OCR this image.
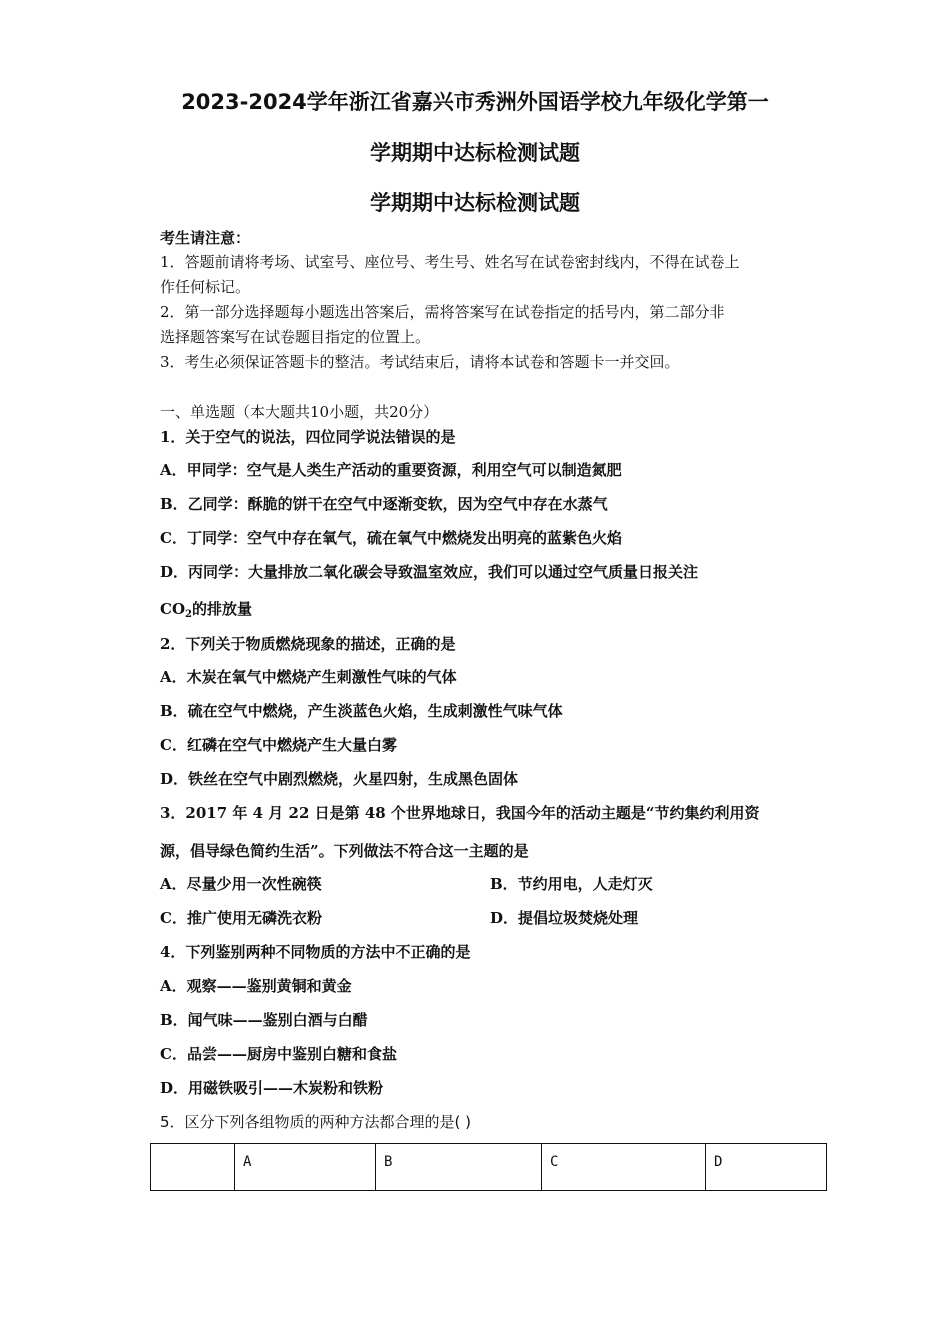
2023-2024学年浙江省嘉兴市秀洲外国语学校九年级化学第一
学期期中达标检测试题
学期期中达标检测试题
考生请注意：
1．答题前请将考场、试室号、座位号、考生号、姓名写在试卷密封线内，不得在试卷上
作任何标记。
2．第一部分选择题每小题选出答案后，需将答案写在试卷指定的括号内，第二部分非
选择题答案写在试卷题目指定的位置上。
3．考生必须保证答题卡的整洁。考试结束后，请将本试卷和答题卡一并交回。
一、单选题（本大题共10小题，共20分）
1．关于空气的说法，四位同学说法错误的是
A．甲同学：空气是人类生产活动的重要资源，利用空气可以制造氮肥
B．乙同学：酥脆的饼干在空气中逐渐变软，因为空气中存在水蒸气
C．丁同学：空气中存在氧气，硫在氧气中燃烧发出明亮的蓝紫色火焰
D．丙同学：大量排放二氧化碳会导致温室效应，我们可以通过空气质量日报关注
$CO_2$的排放量
2．下列关于物质燃烧现象的描述，正确的是
A．木炭在氧气中燃烧产生刺激性气味的气体
B．硫在空气中燃烧，产生淡蓝色火焰，生成刺激性气味气体
C．红磷在空气中燃烧产生大量白雾
D．铁丝在空气中剧烈燃烧，火星四射，生成黑色固体
3．2017 年 4 月 22 日是第 48 个世界地球日，我国今年的活动主题是“节约集约利用资
源，倡导绿色简约生活”。下列做法不符合这一主题的是
A．尽量少用一次性碗筷	B．节约用电，人走灯灭
C．推广使用无磷洗衣粉	D．提倡垃圾焚烧处理
4．下列鉴别两种不同物质的方法中不正确的是
A．观察——鉴别黄铜和黄金
B．闻气味——鉴别白酒与白醋
C．品尝——厨房中鉴别白糖和食盐
D．用磁铁吸引——木炭粉和铁粉
5．区分下列各组物质的两种方法都合理的是( )
	A	B	C	D
